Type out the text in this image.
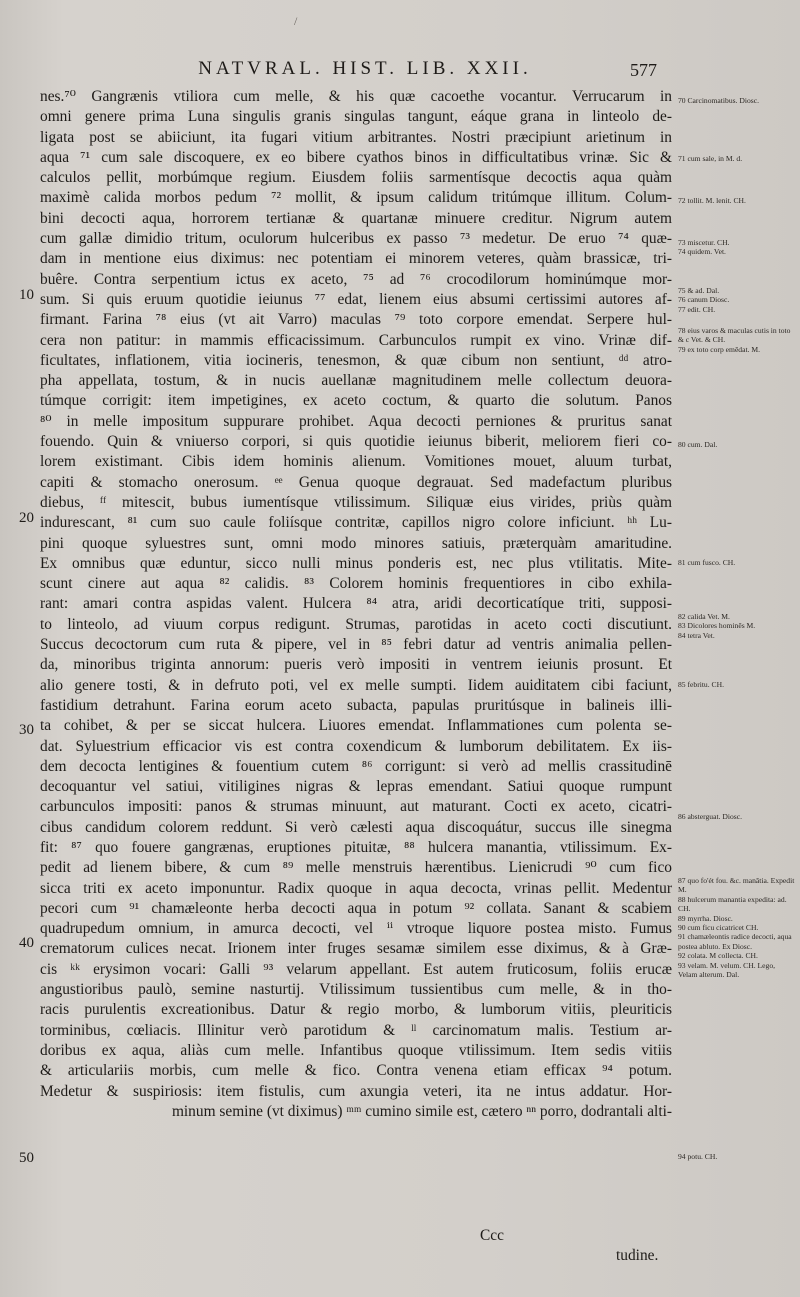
/
NATVRAL. HIST. LIB. XXII.	577
nes.⁷⁰ Gangrænis vtiliora cum melle, & his quæ cacoethe vocantur. Verrucarum in
omni genere prima Luna singulis granis singulas tangunt, eáque grana in linteolo de-
ligata post se abiiciunt, ita fugari vitium arbitrantes. Nostri præcipiunt arietinum in
aqua ⁷¹ cum sale discoquere, ex eo bibere cyathos binos in difficultatibus vrinæ. Sic &
calculos pellit, morbúmque regium. Eiusdem foliis sarmentísque decoctis aqua quàm
maximè calida morbos pedum ⁷² mollit, & ipsum calidum tritúmque illitum. Colum-
bini decocti aqua, horrorem tertianæ & quartanæ minuere creditur. Nigrum autem
cum gallæ dimidio tritum, oculorum hulceribus ex passo ⁷³ medetur. De eruo ⁷⁴ quæ-
dam in mentione eius diximus: nec potentiam ei minorem veteres, quàm brassicæ, tri-
buêre. Contra serpentium ictus ex aceto, ⁷⁵ ad ⁷⁶ crocodilorum hominúmque mor-
sum. Si quis eruum quotidie ieiunus ⁷⁷ edat, lienem eius absumi certissimi autores af-
firmant. Farina ⁷⁸ eius (vt ait Varro) maculas ⁷⁹ toto corpore emendat. Serpere hul-
cera non patitur: in mammis efficacissimum. Carbunculos rumpit ex vino. Vrinæ dif-
ficultates, inflationem, vitia iocineris, tenesmon, & quæ cibum non sentiunt, ᵈᵈ atro-
pha appellata, tostum, & in nucis auellanæ magnitudinem melle collectum deuora-
túmque corrigit: item impetigines, ex aceto coctum, & quarto die solutum. Panos
⁸⁰ in melle impositum suppurare prohibet. Aqua decocti perniones & pruritus sanat
fouendo. Quin & vniuerso corpori, si quis quotidie ieiunus biberit, meliorem fieri co-
lorem existimant. Cibis idem hominis alienum. Vomitiones mouet, aluum turbat,
capiti & stomacho onerosum. ᵉᵉ Genua quoque degrauat. Sed madefactum pluribus
diebus, ᶠᶠ mitescit, bubus iumentísque vtilissimum. Siliquæ eius virides, priùs quàm
indurescant, ⁸¹ cum suo caule foliísque contritæ, capillos nigro colore inficiunt. ʰʰ Lu-
pini quoque syluestres sunt, omni modo minores satiuis, præterquàm amaritudine.
Ex omnibus quæ eduntur, sicco nulli minus ponderis est, nec plus vtilitatis. Mite-
scunt cinere aut aqua ⁸² calidis. ⁸³ Colorem hominis frequentiores in cibo exhila-
rant: amari contra aspidas valent. Hulcera ⁸⁴ atra, aridi decorticatíque triti, supposi-
to linteolo, ad viuum corpus redigunt. Strumas, parotidas in aceto cocti discutiunt.
Succus decoctorum cum ruta & pipere, vel in ⁸⁵ febri datur ad ventris animalia pellen-
da, minoribus triginta annorum: pueris verò impositi in ventrem ieiunis prosunt. Et
alio genere tosti, & in defruto poti, vel ex melle sumpti. Iidem auiditatem cibi faciunt,
fastidium detrahunt. Farina eorum aceto subacta, papulas pruritúsque in balineis illi-
ta cohibet, & per se siccat hulcera. Liuores emendat. Inflammationes cum polenta se-
dat. Syluestrium efficacior vis est contra coxendicum & lumborum debilitatem. Ex iis-
dem decocta lentigines & fouentium cutem ⁸⁶ corrigunt: si verò ad mellis crassitudinē
decoquantur vel satiui, vitiligines nigras & lepras emendant. Satiui quoque rumpunt
carbunculos impositi: panos & strumas minuunt, aut maturant. Cocti ex aceto, cicatri-
cibus candidum colorem reddunt. Si verò cælesti aqua discoquátur, succus ille sinegma
fit: ⁸⁷ quo fouere gangrænas, eruptiones pituitæ, ⁸⁸ hulcera manantia, vtilissimum. Ex-
pedit ad lienem bibere, & cum ⁸⁹ melle menstruis hærentibus. Lienicrudi ⁹⁰ cum fico
sicca triti ex aceto imponuntur. Radix quoque in aqua decocta, vrinas pellit. Medentur
pecori cum ⁹¹ chamæleonte herba decocti aqua in potum ⁹² collata. Sanant & scabiem
quadrupedum omnium, in amurca decocti, vel ⁱⁱ vtroque liquore postea misto. Fumus
crematorum culices necat. Irionem inter fruges sesamæ similem esse diximus, & à Græ-
cis ᵏᵏ erysimon vocari: Galli ⁹³ velarum appellant. Est autem fruticosum, foliis erucæ
angustioribus paulò, semine nasturtij. Vtilissimum tussientibus cum melle, & in tho-
racis purulentis excreationibus. Datur & regio morbo, & lumborum vitiis, pleuriticis
torminibus, cœliacis. Illinitur verò parotidum & ˡˡ carcinomatum malis. Testium ar-
doribus ex aqua, aliàs cum melle. Infantibus quoque vtilissimum. Item sedis vitiis
& articulariis morbis, cum melle & fico. Contra venena etiam efficax ⁹⁴ potum.
Medetur & suspiriosis: item fistulis, cum axungia veteri, ita ne intus addatur. Hor-
minum semine (vt diximus) ᵐᵐ cumino simile est, cætero ⁿⁿ porro, dodrantali alti-
10
20
30
40
50
70 Carcinomatibus. Diosc.
71 cum sale, in M. d.
72 tollit. M. lenit. CH.
73 miscetur. CH.
74 quidem. Vet.
75 & ad. Dal.
76 canum Diosc.
77 edit. CH.
78 eius varos & maculas cutis in toto & c Vet. & CH.
79 ex toto corp emēdat. M.
80 cum. Dal.
81 cum fusco. CH.
82 calida Vet. M.
83 Dicolores hominēs M.
84 tetra Vet.
85 febritu. CH.
86 absterguat. Diosc.
87 quo fo'ét fou. &c. manātia. Expedit M.
88 hulcerum manantia expedita: ad. CH.
89 myrrha. Diosc.
90 cum ficu cicatricet CH.
91 chamæleontis radice decocti, aqua postea abluto. Ex Diosc.
92 colata. M collecta. CH.
93 velam. M. velum. CH. Lego, Velam alterum. Dal.
94 potu. CH.
Ccc
tudine.
